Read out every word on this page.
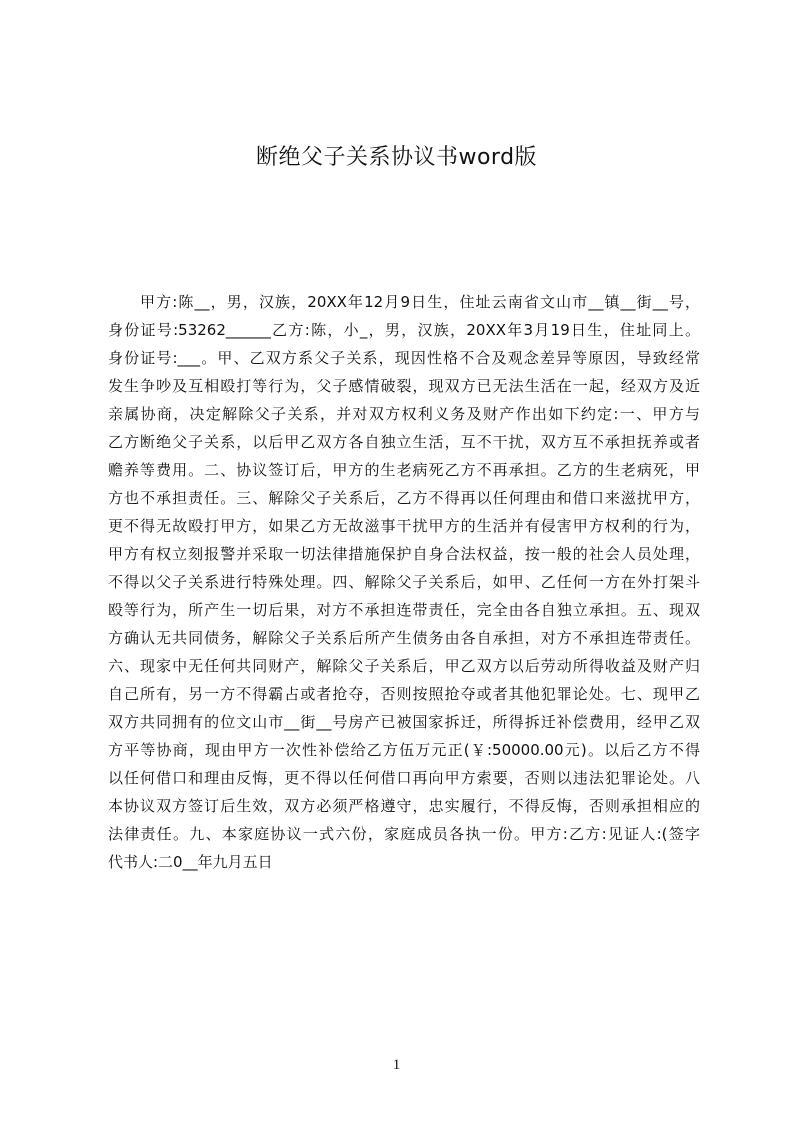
断绝父子关系协议书word版
甲方:陈__，男，汉族，20XX年12月9日生，住址云南省文山市__镇__街__号，
身份证号:53262______乙方:陈，小_，男，汉族，20XX年3月19日生，住址同上。
身份证号:___。甲、乙双方系父子关系，现因性格不合及观念差异等原因，导致经常
发生争吵及互相殴打等行为，父子感情破裂，现双方已无法生活在一起，经双方及近
亲属协商，决定解除父子关系，并对双方权利义务及财产作出如下约定:一、甲方与
乙方断绝父子关系，以后甲乙双方各自独立生活，互不干扰，双方互不承担抚养或者
赡养等费用。二、协议签订后，甲方的生老病死乙方不再承担。乙方的生老病死，甲
方也不承担责任。三、解除父子关系后，乙方不得再以任何理由和借口来滋扰甲方，
更不得无故殴打甲方，如果乙方无故滋事干扰甲方的生活并有侵害甲方权利的行为，
甲方有权立刻报警并采取一切法律措施保护自身合法权益，按一般的社会人员处理，
不得以父子关系进行特殊处理。四、解除父子关系后，如甲、乙任何一方在外打架斗
殴等行为，所产生一切后果，对方不承担连带责任，完全由各自独立承担。五、现双
方确认无共同债务，解除父子关系后所产生债务由各自承担，对方不承担连带责任。
六、现家中无任何共同财产，解除父子关系后，甲乙双方以后劳动所得收益及财产归
自己所有，另一方不得霸占或者抢夺，否则按照抢夺或者其他犯罪论处。七、现甲乙
双方共同拥有的位文山市__街__号房产已被国家拆迁，所得拆迁补偿费用，经甲乙双
方平等协商，现由甲方一次性补偿给乙方伍万元正(￥:50000.00元)。以后乙方不得
以任何借口和理由反悔，更不得以任何借口再向甲方索要，否则以违法犯罪论处。八
本协议双方签订后生效，双方必须严格遵守，忠实履行，不得反悔，否则承担相应的
法律责任。九、本家庭协议一式六份，家庭成员各执一份。甲方:乙方:见证人:(签字
代书人:二0__年九月五日
1
